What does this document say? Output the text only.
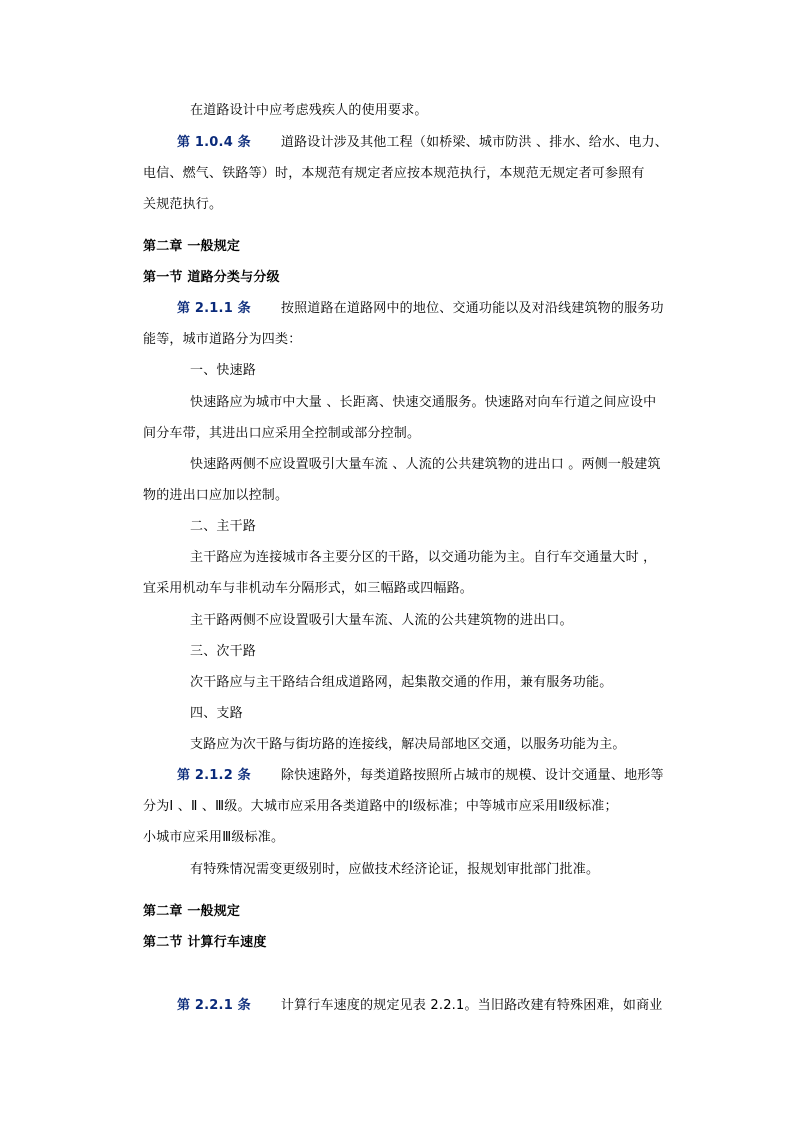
在道路设计中应考虑残疾人的使用要求。
第 1.0.4 条 道路设计涉及其他工程（如桥梁、城市防洪 、排水、给水、电力、
电信、燃气、铁路等）时，本规范有规定者应按本规范执行，本规范无规定者可参照有
关规范执行。
第二章 一般规定
第一节 道路分类与分级
第 2.1.1 条 按照道路在道路网中的地位、交通功能以及对沿线建筑物的服务功
能等，城市道路分为四类：
一、快速路
快速路应为城市中大量 、长距离、快速交通服务。快速路对向车行道之间应设中
间分车带，其进出口应采用全控制或部分控制。
快速路两侧不应设置吸引大量车流 、人流的公共建筑物的进出口 。两侧一般建筑
物的进出口应加以控制。
二、主干路
主干路应为连接城市各主要分区的干路，以交通功能为主。自行车交通量大时 ，
宜采用机动车与非机动车分隔形式，如三幅路或四幅路。
主干路两侧不应设置吸引大量车流、人流的公共建筑物的进出口。
三、次干路
次干路应与主干路结合组成道路网，起集散交通的作用，兼有服务功能。
四、支路
支路应为次干路与街坊路的连接线，解决局部地区交通，以服务功能为主。
第 2.1.2 条 除快速路外，每类道路按照所占城市的规模、设计交通量、地形等
分为Ⅰ 、Ⅱ 、Ⅲ级。大城市应采用各类道路中的Ⅰ级标准；中等城市应采用Ⅱ级标准；
小城市应采用Ⅲ级标准。
有特殊情况需变更级别时，应做技术经济论证，报规划审批部门批准。
第二章 一般规定
第二节 计算行车速度
第 2.2.1 条 计算行车速度的规定见表 2.2.1。当旧路改建有特殊困难，如商业
